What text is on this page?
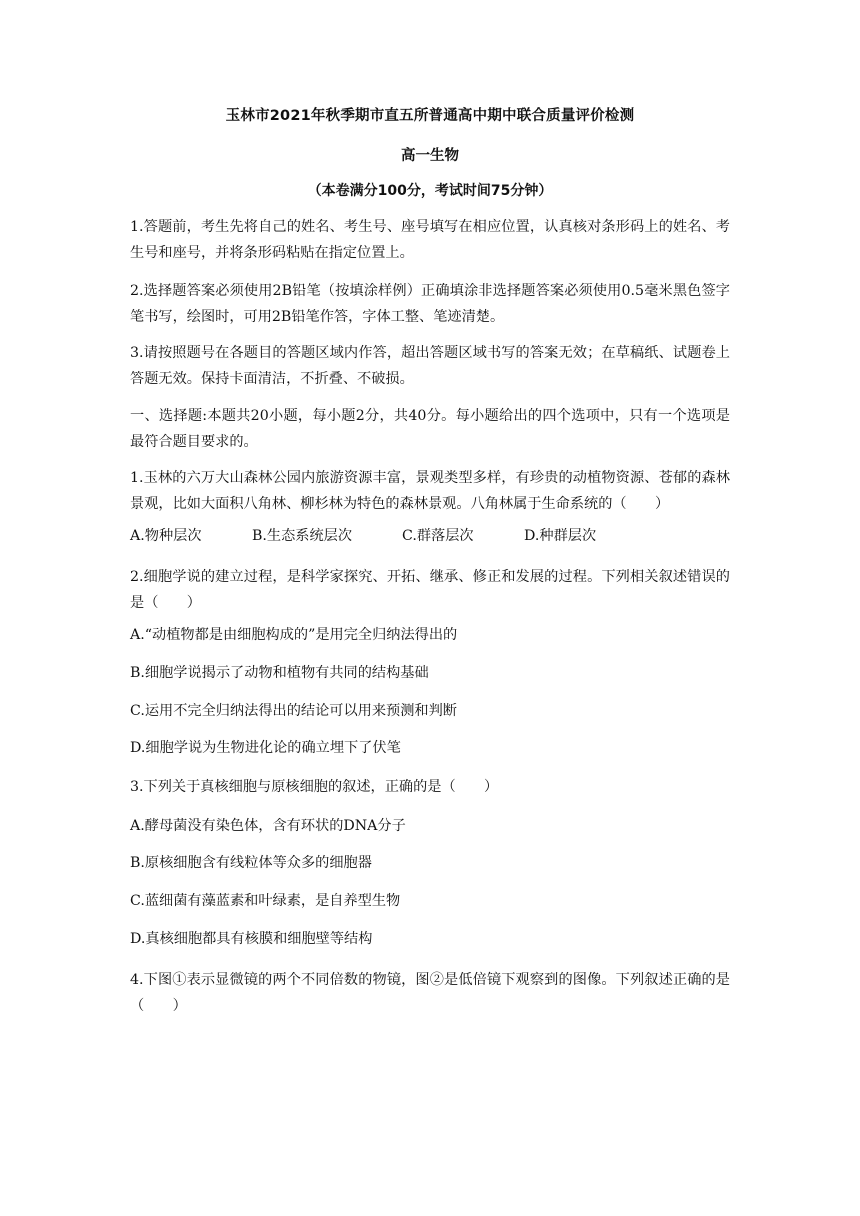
玉林市2021年秋季期市直五所普通高中期中联合质量评价检测
高一生物
（本卷满分100分，考试时间75分钟）

1.答题前，考生先将自己的姓名、考生号、座号填写在相应位置，认真核对条形码上的姓名、考生号和座号，并将条形码粘贴在指定位置上。

2.选择题答案必须使用2B铅笔（按填涂样例）正确填涂非选择题答案必须使用0.5毫米黑色签字笔书写，绘图时，可用2B铅笔作答，字体工整、笔迹清楚。

3.请按照题号在各题目的答题区域内作答，超出答题区域书写的答案无效；在草稿纸、试题卷上答题无效。保持卡面清洁，不折叠、不破损。

一、选择题:本题共20小题，每小题2分，共40分。每小题给出的四个选项中，只有一个选项是最符合题目要求的。

1.玉林的六万大山森林公园内旅游资源丰富，景观类型多样，有珍贵的动植物资源、苍郁的森林景观，比如大面积八角林、柳杉林为特色的森林景观。八角林属于生命系统的（　　）

A.物种层次	B.生态系统层次	C.群落层次	D.种群层次

2.细胞学说的建立过程，是科学家探究、开拓、继承、修正和发展的过程。下列相关叙述错误的是（　　）

A.“动植物都是由细胞构成的”是用完全归纳法得出的

B.细胞学说揭示了动物和植物有共同的结构基础

C.运用不完全归纳法得出的结论可以用来预测和判断

D.细胞学说为生物进化论的确立埋下了伏笔

3.下列关于真核细胞与原核细胞的叙述，正确的是（　　）

A.酵母菌没有染色体，含有环状的DNA分子

B.原核细胞含有线粒体等众多的细胞器

C.蓝细菌有藻蓝素和叶绿素，是自养型生物

D.真核细胞都具有核膜和细胞壁等结构

4.下图①表示显微镜的两个不同倍数的物镜，图②是低倍镜下观察到的图像。下列叙述正确的是（　　）
